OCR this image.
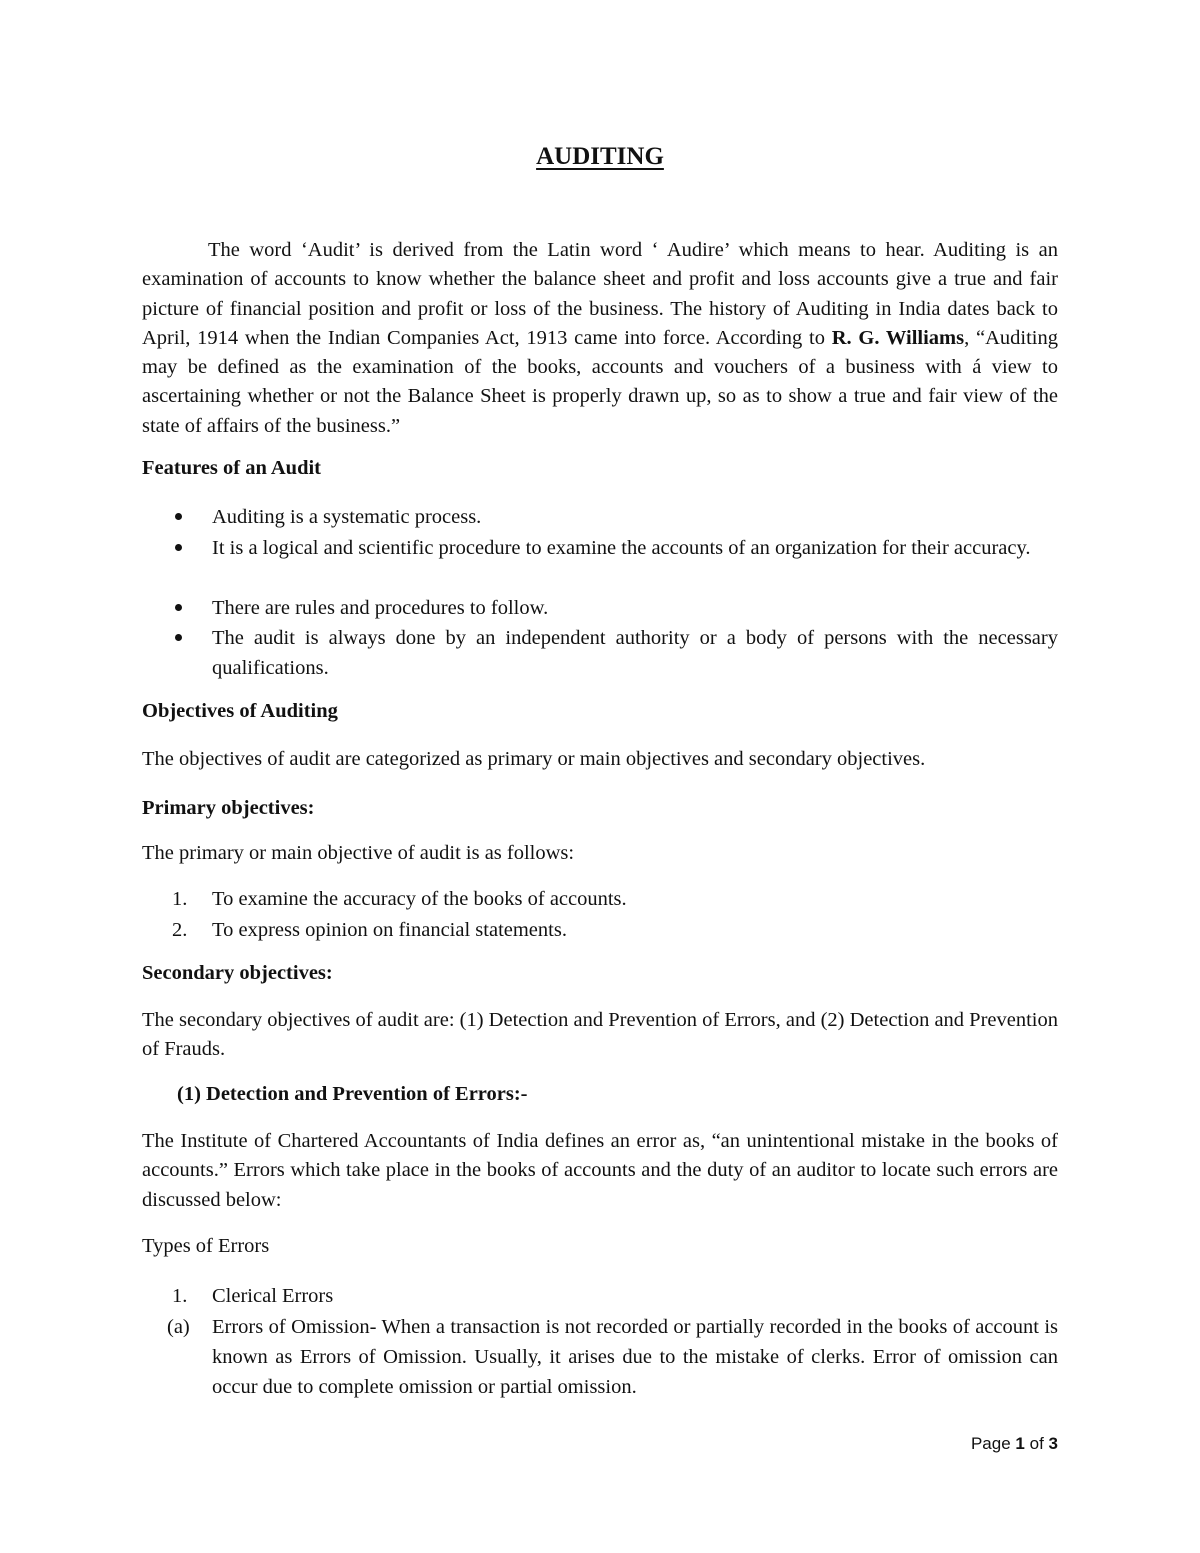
AUDITING

The word ‘Audit’ is derived from the Latin word ‘ Audire’ which means to hear. Auditing is an examination of accounts to know whether the balance sheet and profit and loss accounts give a true and fair picture of financial position and profit or loss of the business. The history of Auditing in India dates back to April, 1914 when the Indian Companies Act, 1913 came into force. According to R. G. Williams, “Auditing may be defined as the examination of the books, accounts and vouchers of a business with á view to ascertaining whether or not the Balance Sheet is properly drawn up, so as to show a true and fair view of the state of affairs of the business.”

Features of an Audit
Auditing is a systematic process.
It is a logical and scientific procedure to examine the accounts of an organization for their accuracy.
There are rules and procedures to follow.
The audit is always done by an independent authority or a body of persons with the necessary qualifications.
Objectives of Auditing
The objectives of audit are categorized as primary or main objectives and secondary objectives.
Primary objectives:
The primary or main objective of audit is as follows:
1. To examine the accuracy of the books of accounts.
2. To express opinion on financial statements.
Secondary objectives:

The secondary objectives of audit are: (1) Detection and Prevention of Errors, and (2) Detection and Prevention of Frauds.

(1) Detection and Prevention of Errors:-

The Institute of Chartered Accountants of India defines an error as, “an unintentional mistake in the books of accounts.” Errors which take place in the books of accounts and the duty of an auditor to locate such errors are discussed below:

Types of Errors
1. Clerical Errors
(a) Errors of Omission- When a transaction is not recorded or partially recorded in the books of account is known as Errors of Omission. Usually, it arises due to the mistake of clerks. Error of omission can occur due to complete omission or partial omission.
Page 1 of 3
